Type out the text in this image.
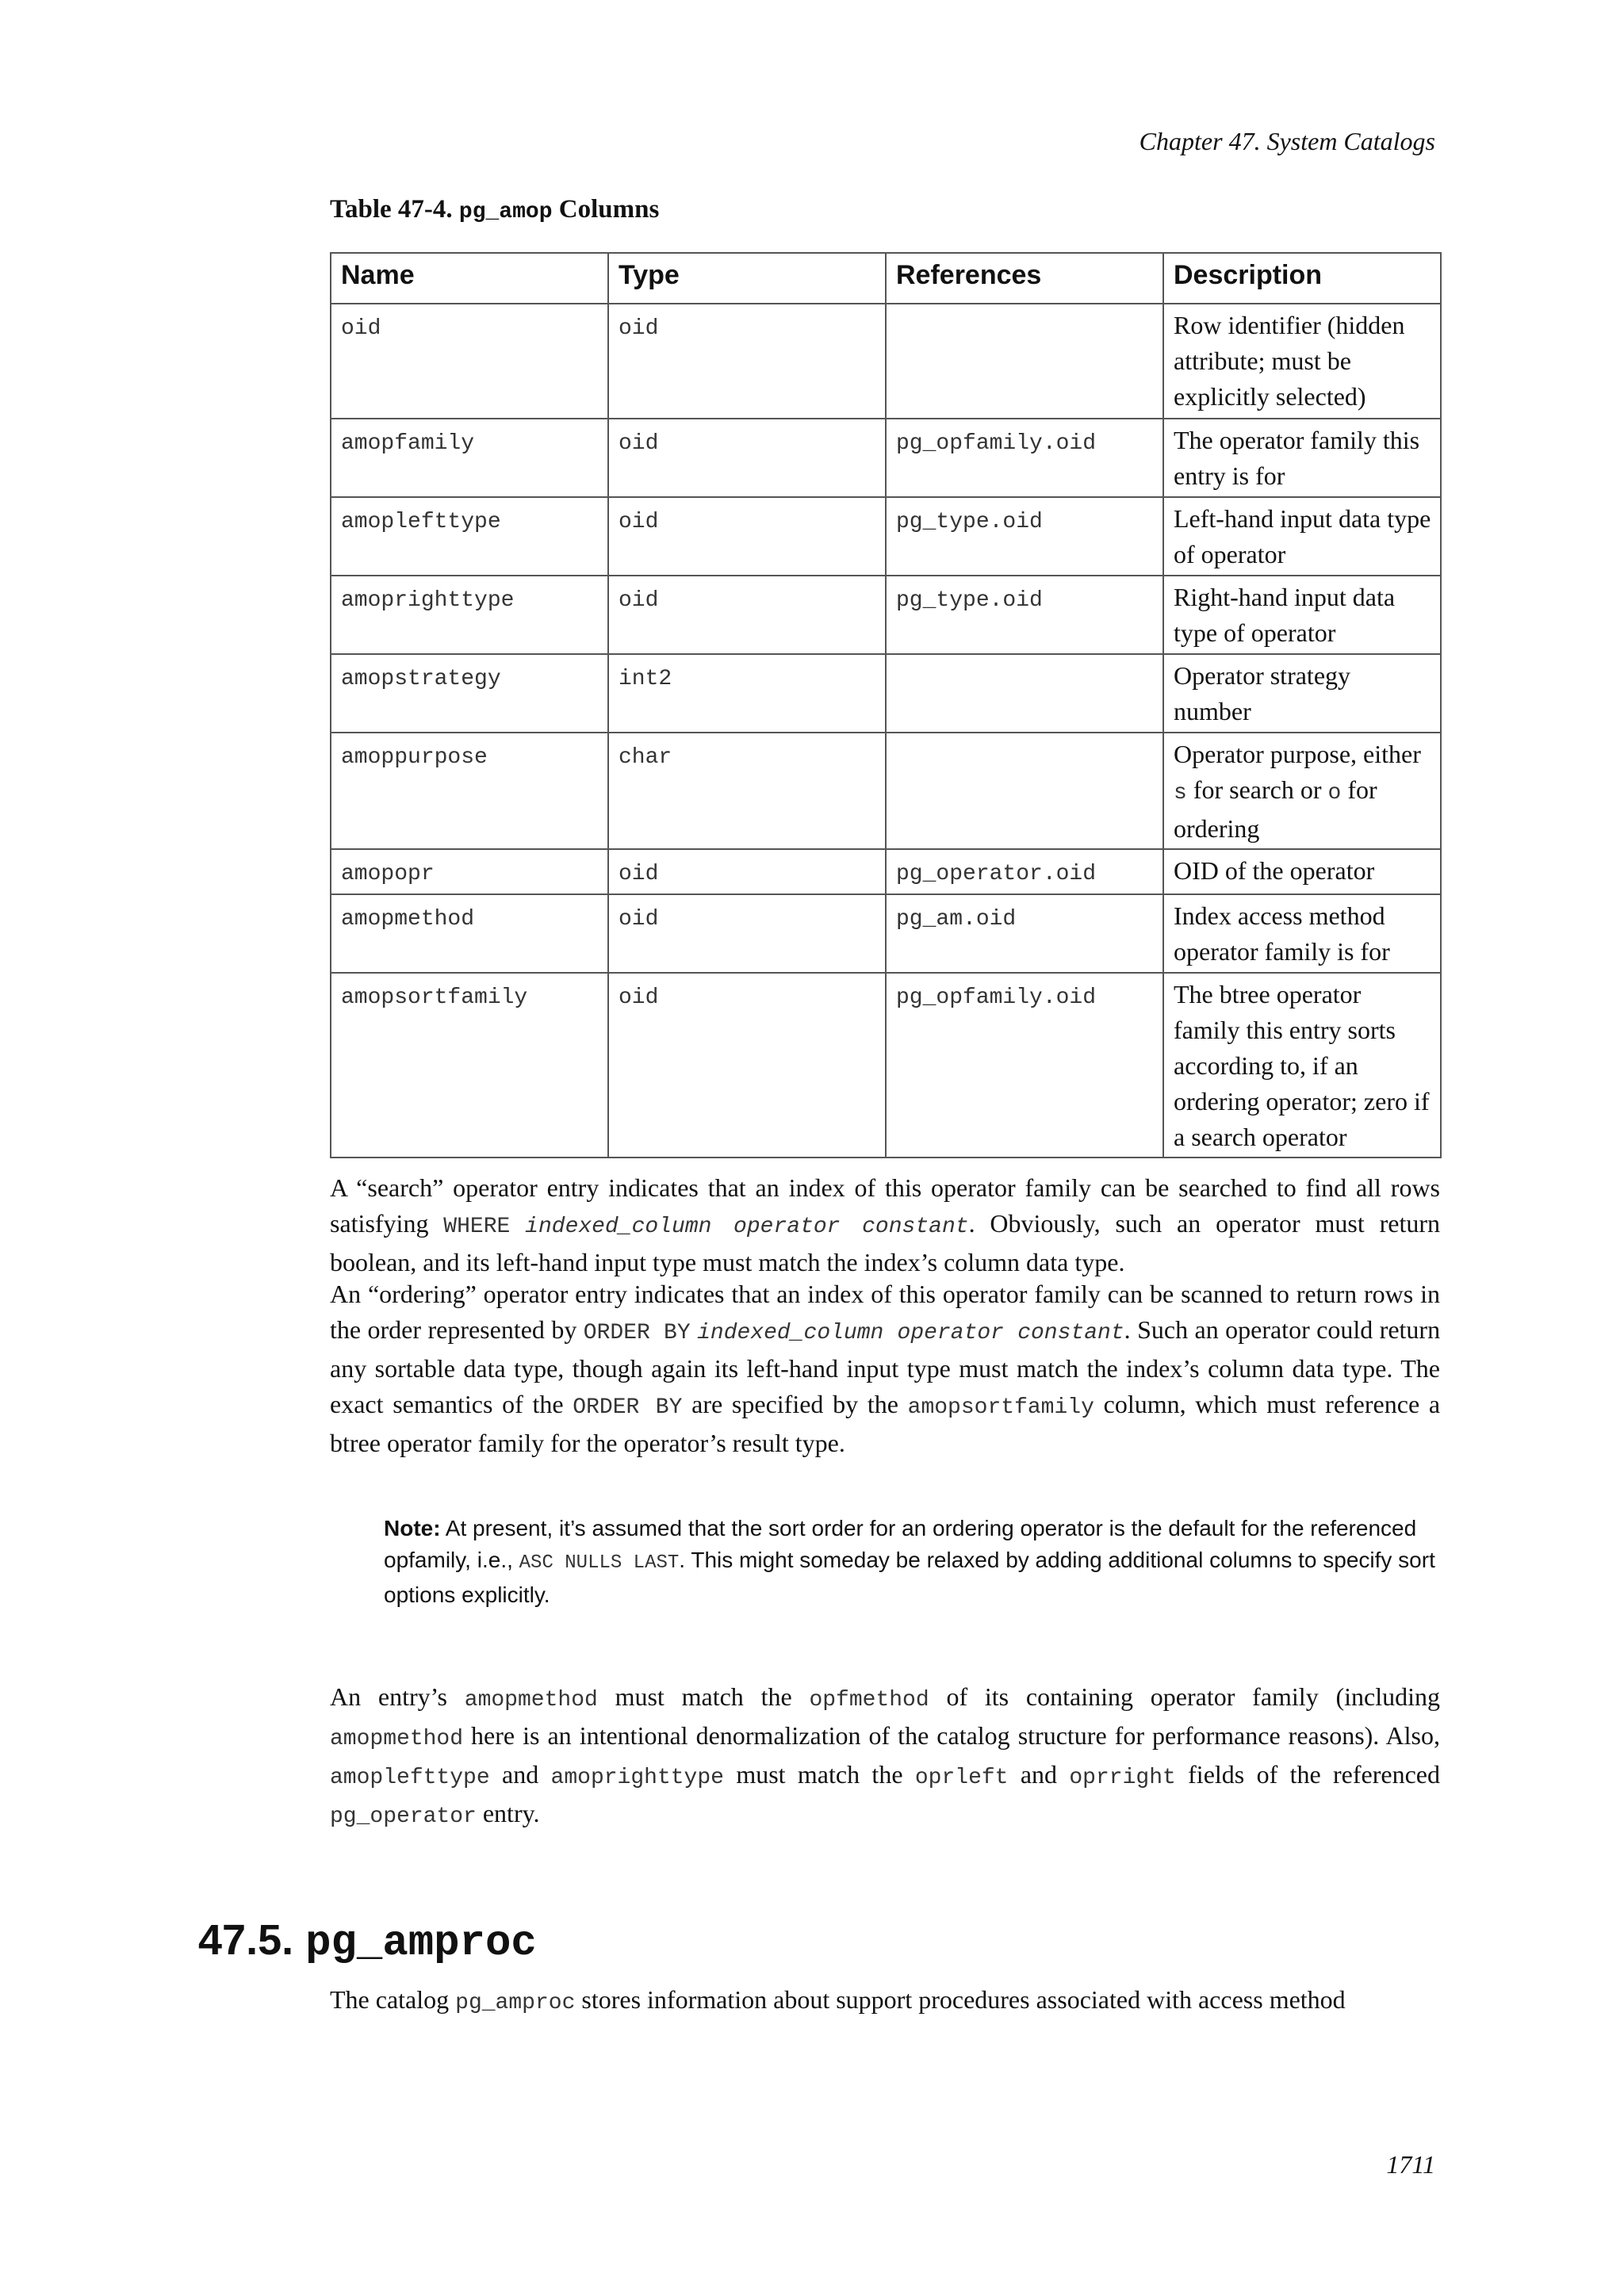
Chapter 47. System Catalogs
Table 47-4. pg_amop Columns
Name	Type	References	Description
oid	oid		Row identifier (hidden attribute; must be explicitly selected)
amopfamily	oid	pg_opfamily.oid	The operator family this entry is for
amoplefttype	oid	pg_type.oid	Left-hand input data type of operator
amoprighttype	oid	pg_type.oid	Right-hand input data type of operator
amopstrategy	int2		Operator strategy number
amoppurpose	char		Operator purpose, either s for search or o for ordering
amopopr	oid	pg_operator.oid	OID of the operator
amopmethod	oid	pg_am.oid	Index access method operator family is for
amopsortfamily	oid	pg_opfamily.oid	The btree operator family this entry sorts according to, if an ordering operator; zero if a search operator
A “search” operator entry indicates that an index of this operator family can be searched to find all rows satisfying WHERE indexed_column operator constant. Obviously, such an operator must return boolean, and its left-hand input type must match the index’s column data type.
An “ordering” operator entry indicates that an index of this operator family can be scanned to return rows in the order represented by ORDER BY indexed_column operator constant. Such an operator could return any sortable data type, though again its left-hand input type must match the index’s column data type. The exact semantics of the ORDER BY are specified by the amopsortfamily column, which must reference a btree operator family for the operator’s result type.
Note: At present, it’s assumed that the sort order for an ordering operator is the default for the referenced opfamily, i.e., ASC NULLS LAST. This might someday be relaxed by adding additional columns to specify sort options explicitly.
An entry’s amopmethod must match the opfmethod of its containing operator family (including amopmethod here is an intentional denormalization of the catalog structure for performance reasons). Also, amoplefttype and amoprighttype must match the oprleft and oprright fields of the referenced pg_operator entry.
47.5. pg_amproc
The catalog pg_amproc stores information about support procedures associated with access method
1711
